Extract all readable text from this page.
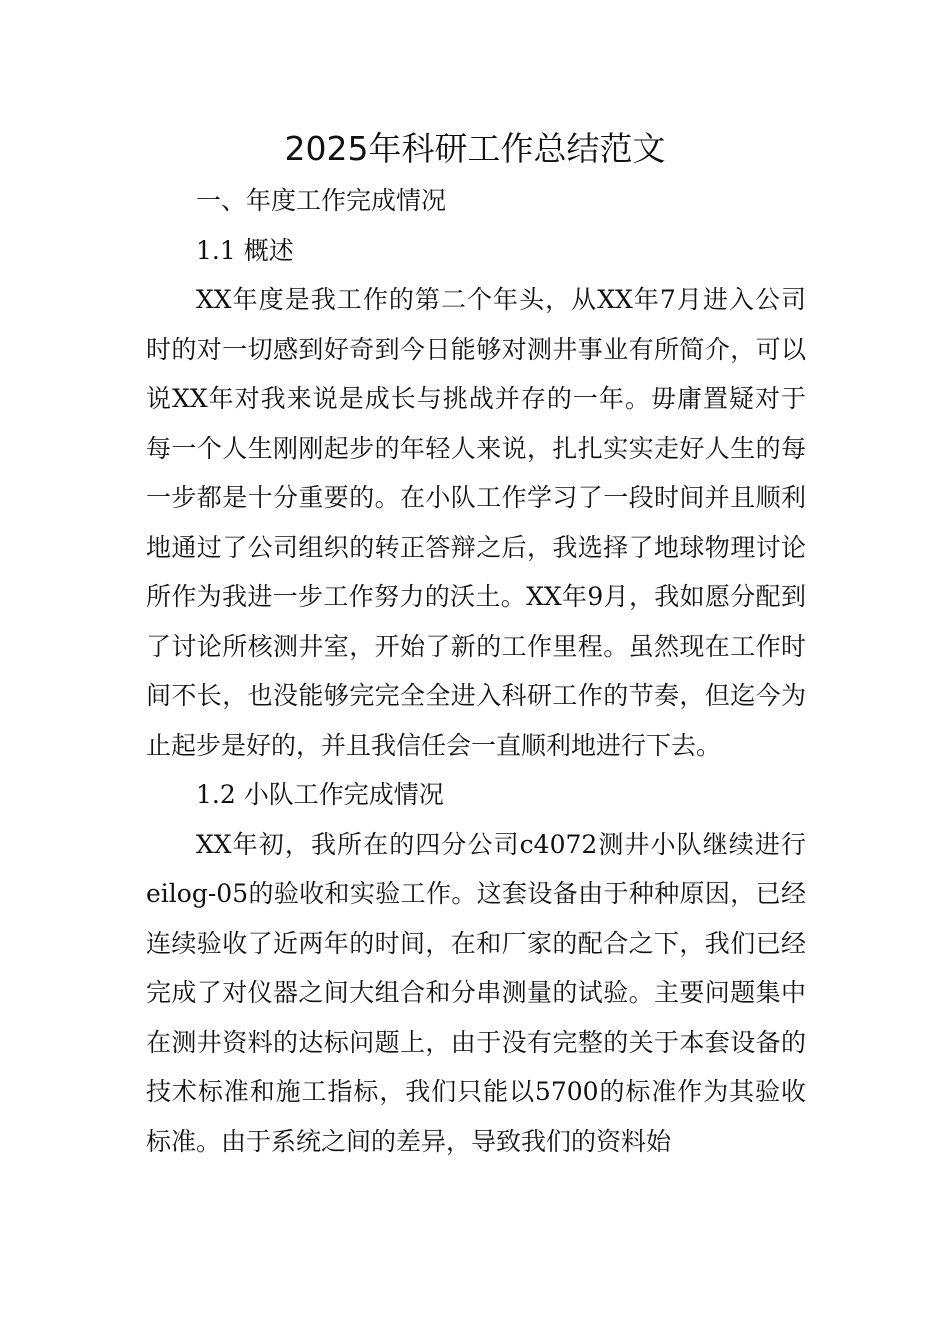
2025年科研工作总结范文

一、年度工作完成情况

1.1 概述

XX年度是我工作的第二个年头，从XX年7月进入公司时的对一切感到好奇到今日能够对测井事业有所简介，可以说XX年对我来说是成长与挑战并存的一年。毋庸置疑对于每一个人生刚刚起步的年轻人来说，扎扎实实走好人生的每一步都是十分重要的。在小队工作学习了一段时间并且顺利地通过了公司组织的转正答辩之后，我选择了地球物理讨论所作为我进一步工作努力的沃土。XX年9月，我如愿分配到了讨论所核测井室，开始了新的工作里程。虽然现在工作时间不长，也没能够完完全全进入科研工作的节奏，但迄今为止起步是好的，并且我信任会一直顺利地进行下去。

1.2 小队工作完成情况

XX年初，我所在的四分公司c4072测井小队继续进行eilog-05的验收和实验工作。这套设备由于种种原因，已经连续验收了近两年的时间，在和厂家的配合之下，我们已经完成了对仪器之间大组合和分串测量的试验。主要问题集中在测井资料的达标问题上，由于没有完整的关于本套设备的技术标准和施工指标，我们只能以5700的标准作为其验收标准。由于系统之间的差异，导致我们的资料始
